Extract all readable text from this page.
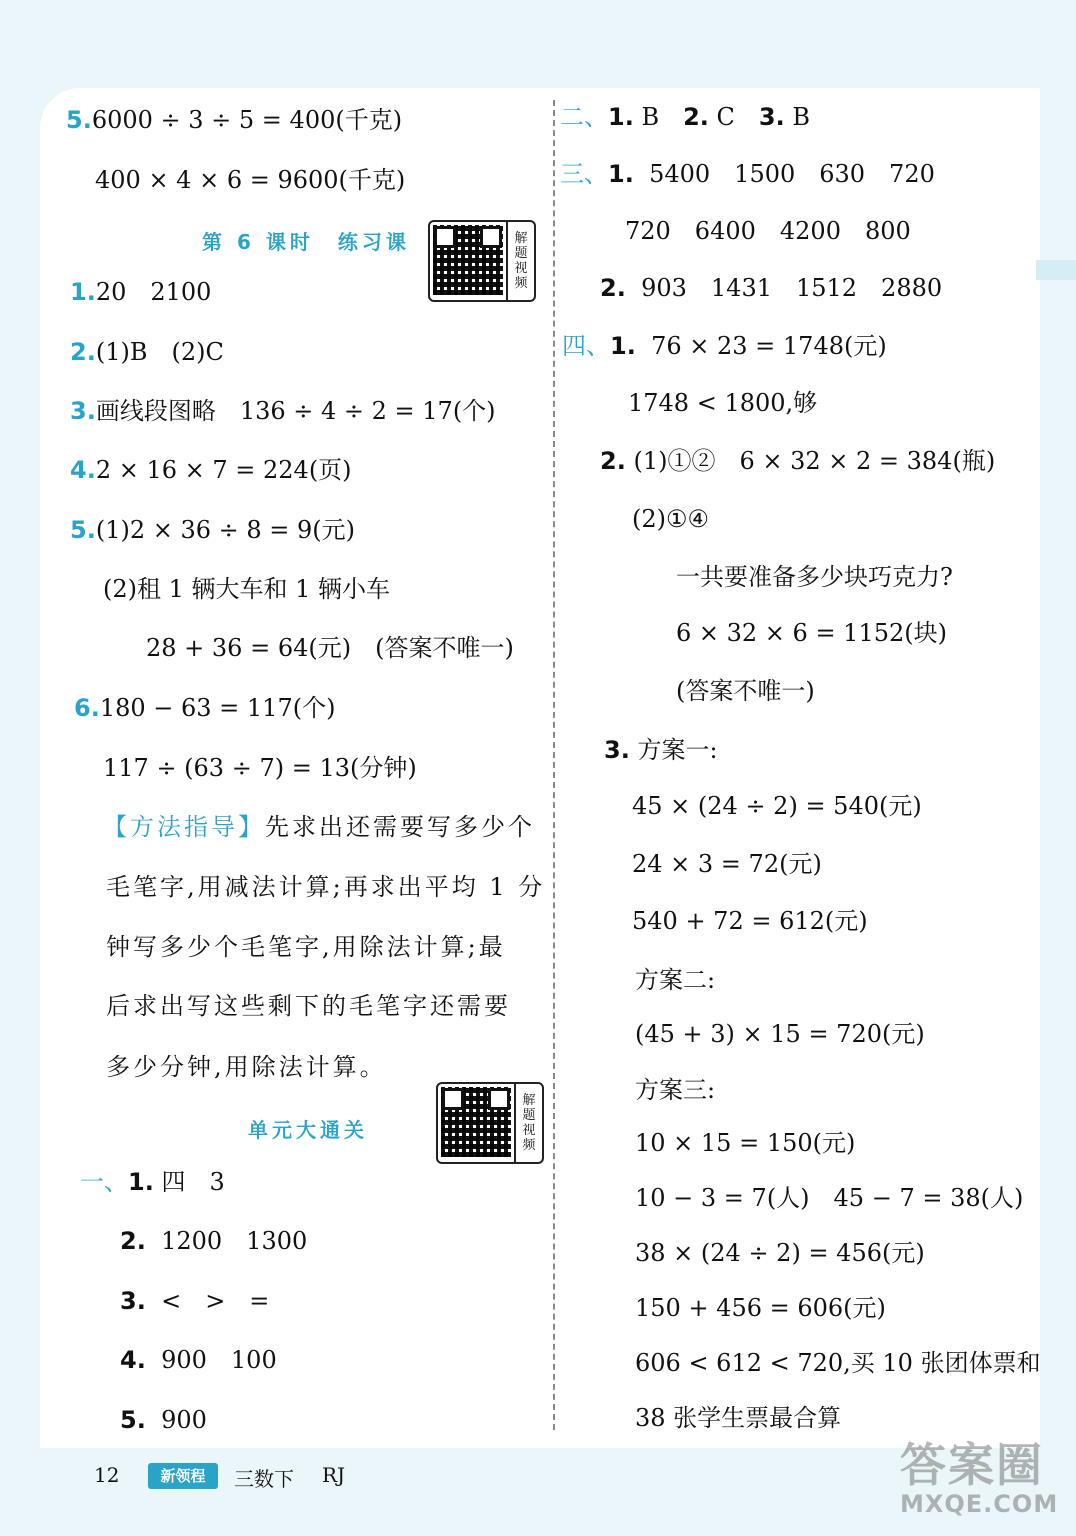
5.6000 ÷ 3 ÷ 5 = 400(千克)
400 × 4 × 6 = 9600(千克)
第 6 课时　练习课	解
题
视
频
1.20　2100
2.(1)B　(2)C
3.画线段图略　136 ÷ 4 ÷ 2 = 17(个)
4.2 × 16 × 7 = 224(页)
5.(1)2 × 36 ÷ 8 = 9(元)
(2)租 1 辆大车和 1 辆小车
28 + 36 = 64(元)　(答案不唯一)
6.180 − 63 = 117(个)
117 ÷ (63 ÷ 7) = 13(分钟)
【方法指导】先求出还需要写多少个
毛笔字,用减法计算;再求出平均 1 分
钟写多少个毛笔字,用除法计算;最
后求出写这些剩下的毛笔字还需要
多少分钟,用除法计算。
单元大通关
解
题
视
频
一、1. 四　3
2. 1200　1300
3. <　>　=
4. 900　100
5. 900
二、1. B　2. C　3. B
三、1. 5400　1500　630　720
720　6400　4200　800
2. 903　1431　1512　2880
四、1. 76 × 23 = 1748(元)
1748 < 1800,够
2. (1)①②　6 × 32 × 2 = 384(瓶)
(2)①④
一共要准备多少块巧克力?
6 × 32 × 6 = 1152(块)
(答案不唯一)
3. 方案一:
45 × (24 ÷ 2) = 540(元)
24 × 3 = 72(元)
540 + 72 = 612(元)
方案二:
(45 + 3) × 15 = 720(元)
方案三:
10 × 15 = 150(元)
10 − 3 = 7(人)　45 − 7 = 38(人)
38 × (24 ÷ 2) = 456(元)
150 + 456 = 606(元)
606 < 612 < 720,买 10 张团体票和
38 张学生票最合算
12	新领程	三数下 RJ	答案圈
MXQE.COM
